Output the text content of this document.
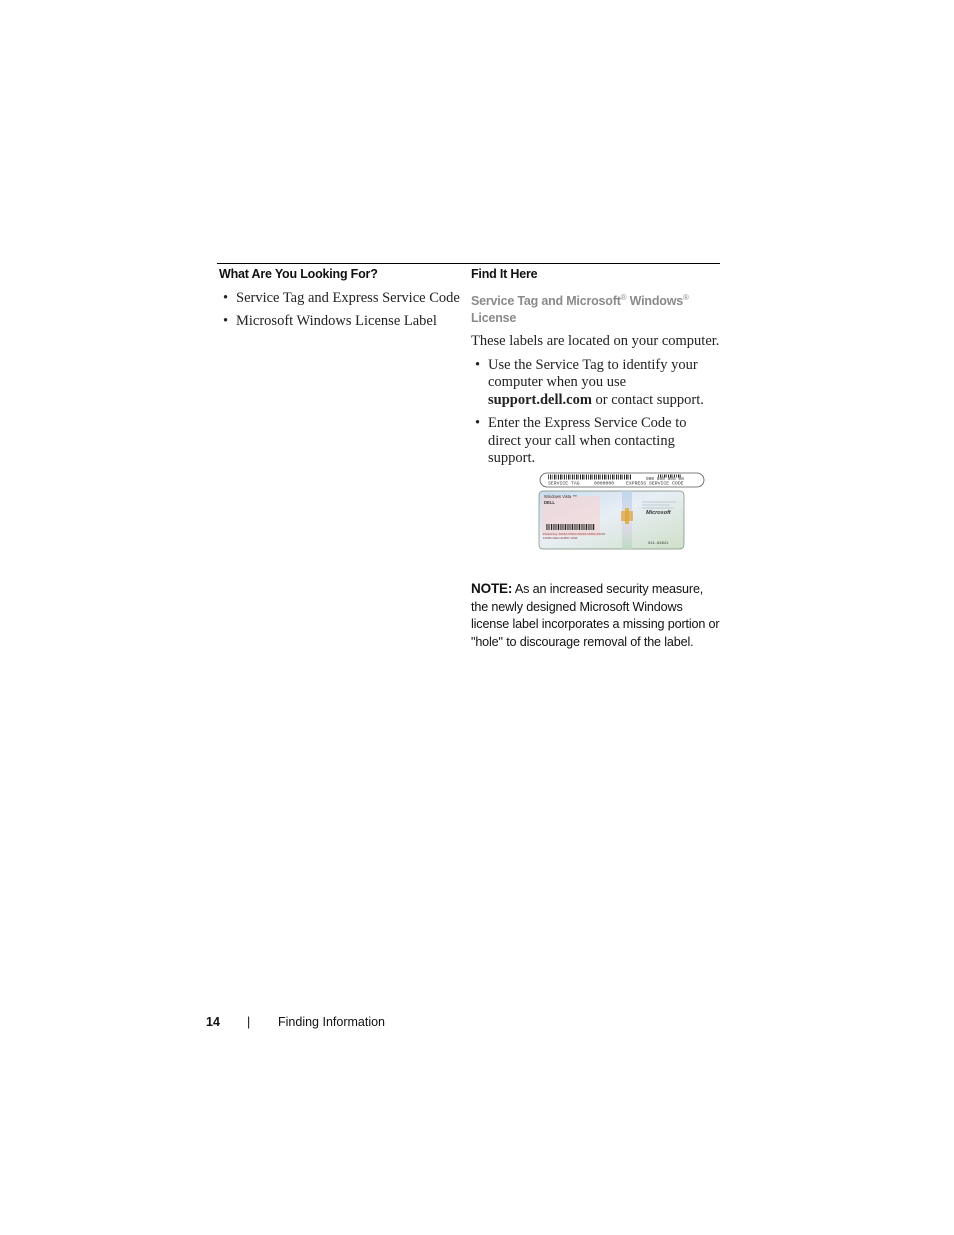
What Are You Looking For?	Find It Here
• Service Tag and Express Service Code
• Microsoft Windows License Label

Service Tag and Microsoft® Windows®
License

These labels are located on your computer.

• Use the Service Tag to identify your computer when you use support.dell.com or contact support.
• Enter the Express Service Code to direct your call when contacting support.
000 000 000 00
SERVICE TAG	0000000 EXPRESS SERVICE CODE
Windows Vista ™
DELL
Product Key: XXXXX-XXXXX-XXXXX-XXXXX-XXXXX
123456-OEM-1234567-12345
Microsoft
X11-84621
NOTE: As an increased security measure, the newly designed Microsoft Windows license label incorporates a missing portion or "hole" to discourage removal of the label.
14 | Finding Information
